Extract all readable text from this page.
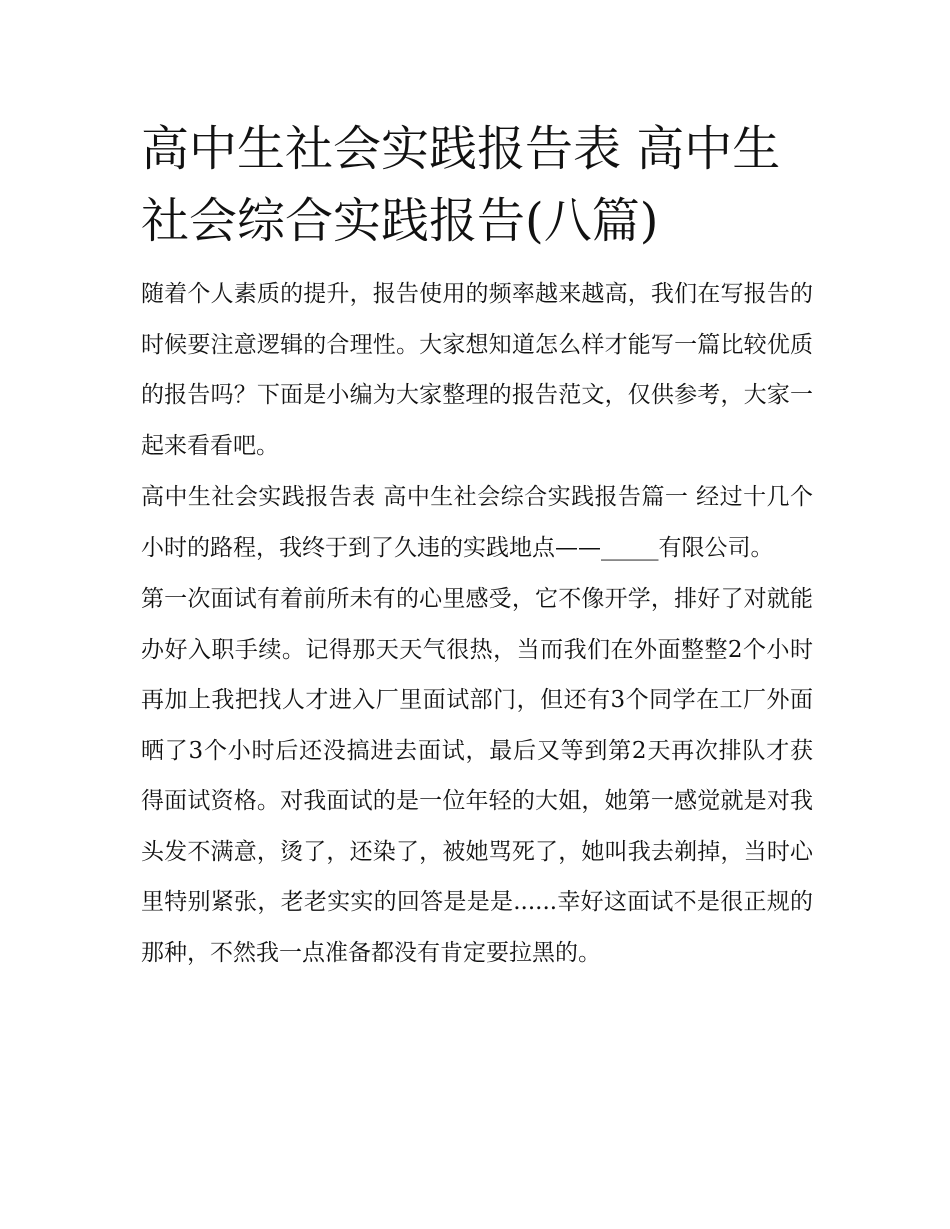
高中生社会实践报告表 高中生社会综合实践报告(八篇)

随着个人素质的提升，报告使用的频率越来越高，我们在写报告的时候要注意逻辑的合理性。大家想知道怎么样才能写一篇比较优质的报告吗？下面是小编为大家整理的报告范文，仅供参考，大家一起来看看吧。

高中生社会实践报告表 高中生社会综合实践报告篇一 经过十几个小时的路程，我终于到了久违的实践地点——_____有限公司。

第一次面试有着前所未有的心里感受，它不像开学，排好了对就能办好入职手续。记得那天天气很热，当而我们在外面整整2个小时再加上我把找人才进入厂里面试部门，但还有3个同学在工厂外面晒了3个小时后还没搞进去面试，最后又等到第2天再次排队才获得面试资格。对我面试的是一位年轻的大姐，她第一感觉就是对我头发不满意，烫了，还染了，被她骂死了，她叫我去剃掉，当时心里特别紧张，老老实实的回答是是是......幸好这面试不是很正规的那种，不然我一点准备都没有肯定要拉黑的。
